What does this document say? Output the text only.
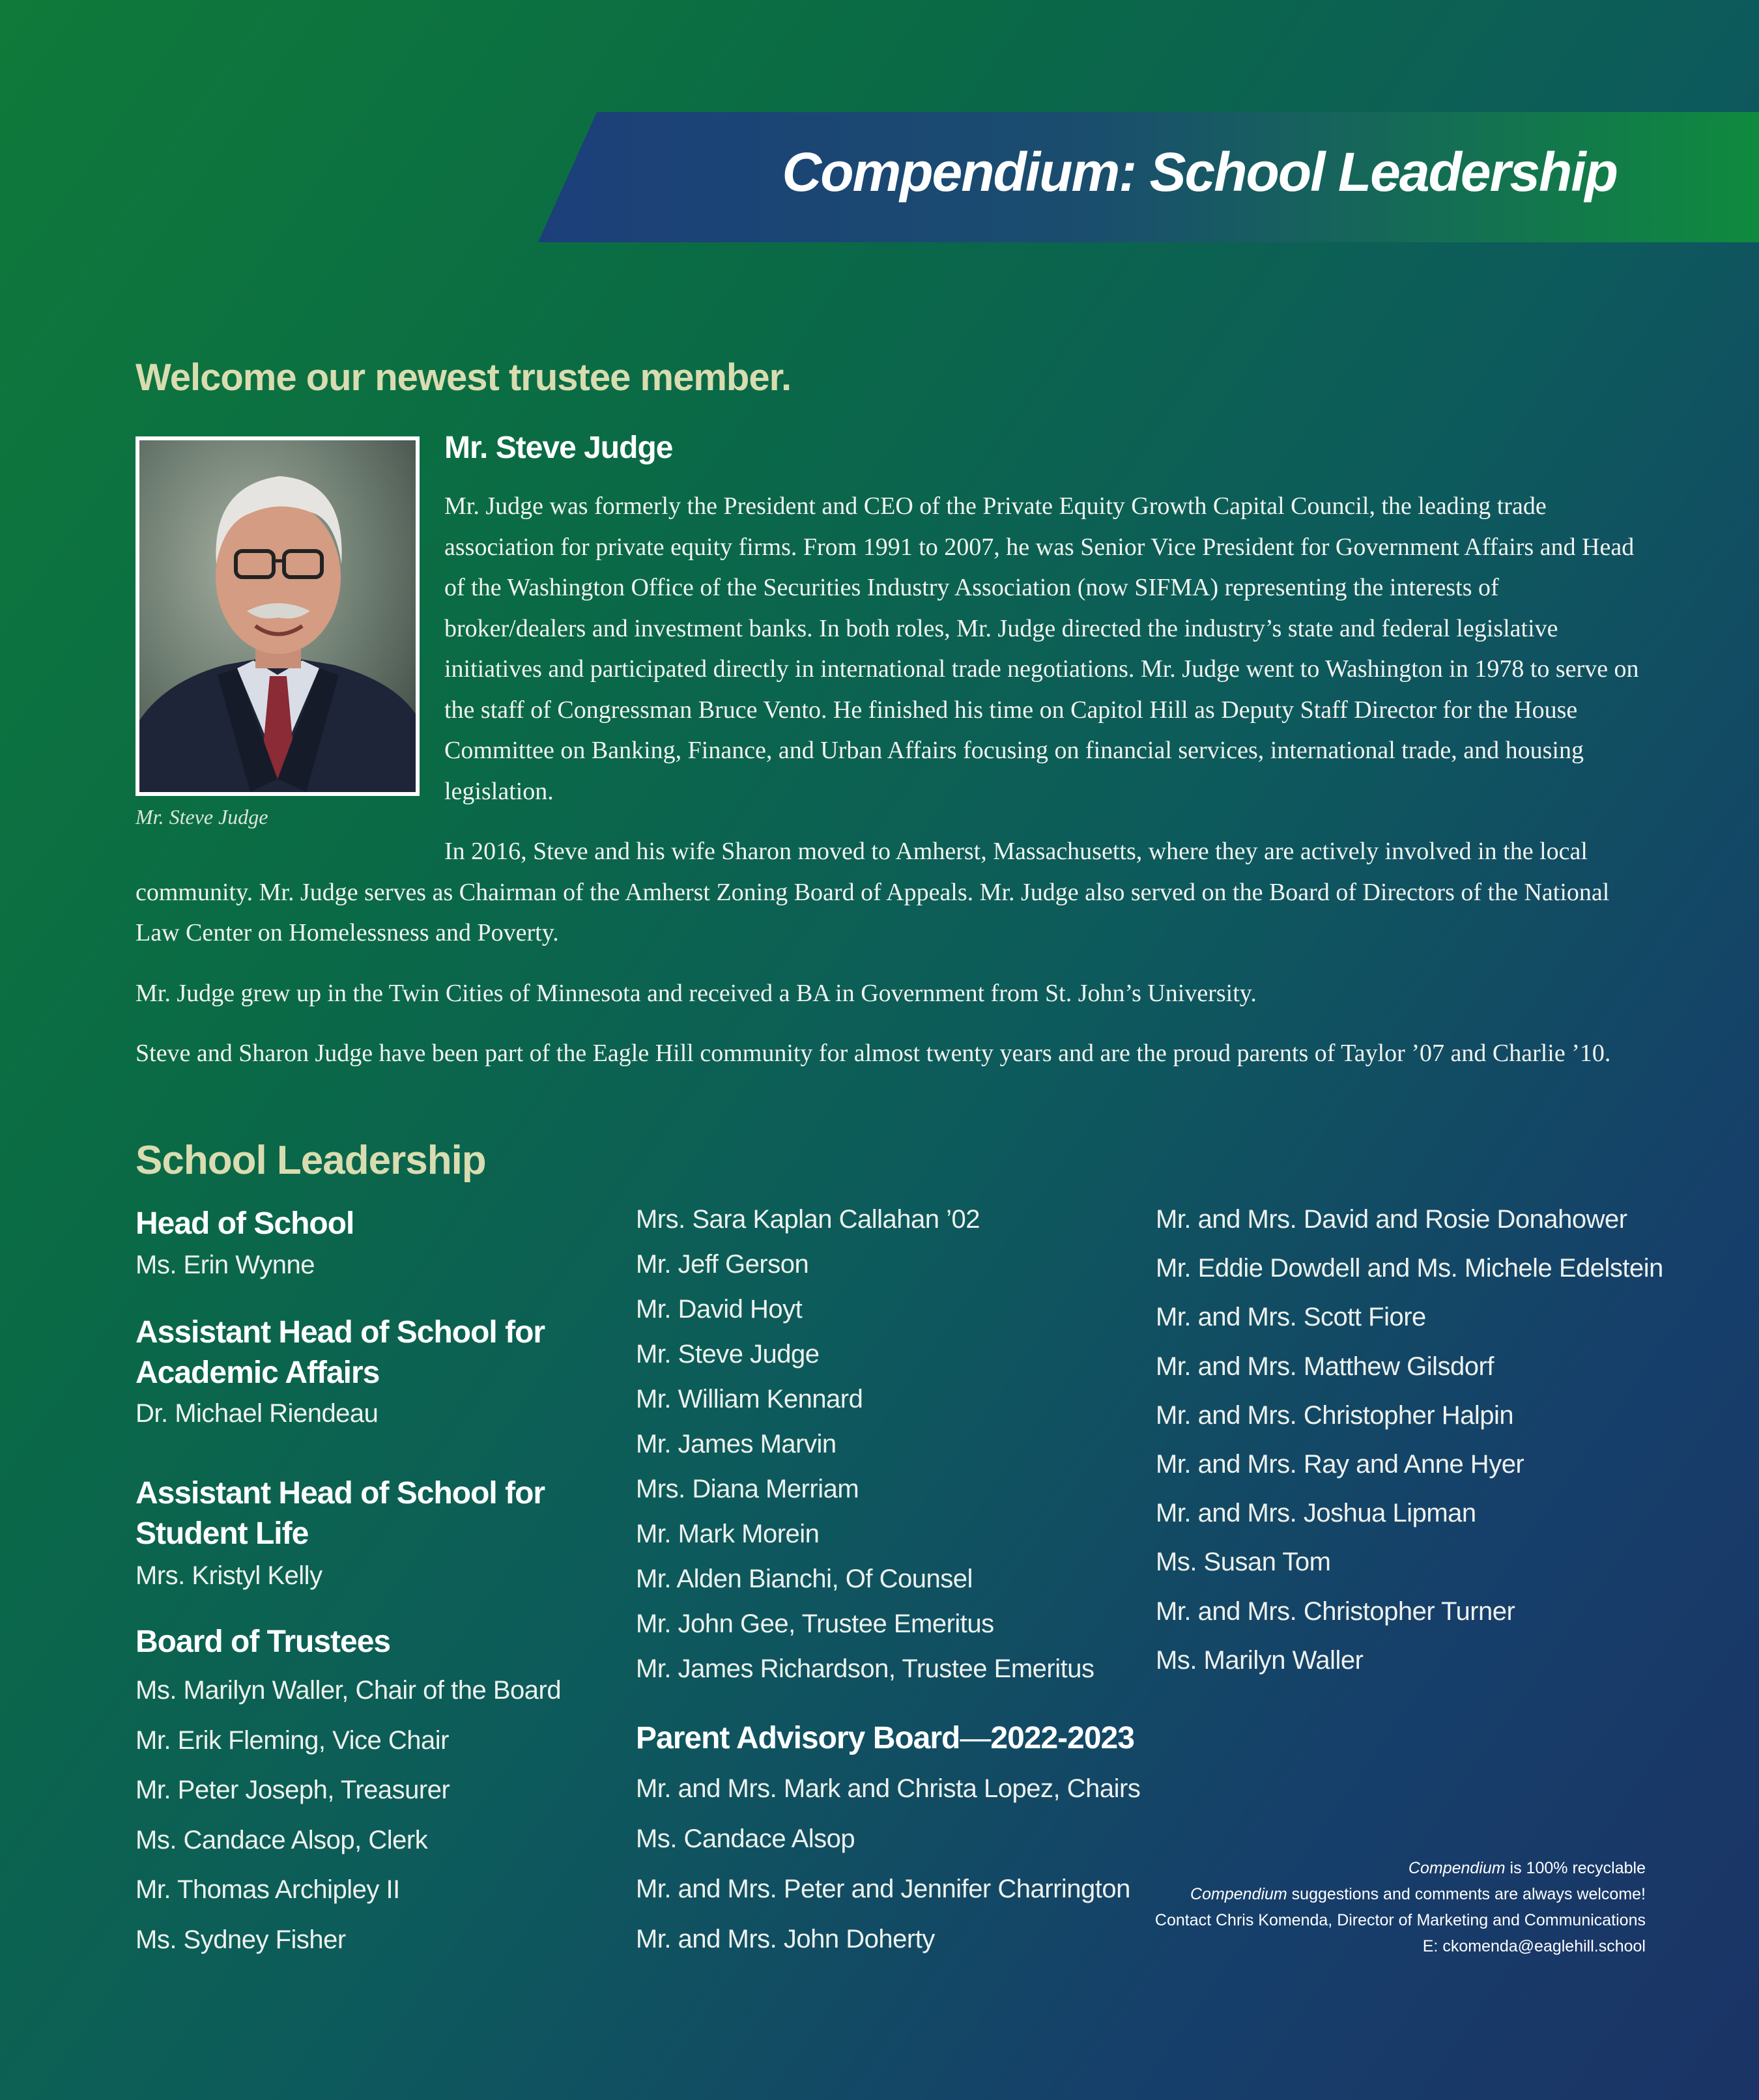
Compendium: School Leadership
Welcome our newest trustee member.
Mr. Steve Judge
Mr. Steve Judge
Mr. Judge was formerly the President and CEO of the Private Equity Growth Capital Council, the leading trade association for private equity firms. From 1991 to 2007, he was Senior Vice President for Government Affairs and Head of the Washington Office of the Securities Industry Association (now SIFMA) representing the interests of broker/dealers and investment banks. In both roles, Mr. Judge directed the industry’s state and federal legislative initiatives and participated directly in international trade negotiations. Mr. Judge went to Washington in 1978 to serve on the staff of Congressman Bruce Vento. He finished his time on Capitol Hill as Deputy Staff Director for the House Committee on Banking, Finance, and Urban Affairs focusing on financial services, international trade, and housing legislation.

In 2016, Steve and his wife Sharon moved to Amherst, Massachusetts, where they are actively involved in the local community. Mr. Judge serves as Chairman of the Amherst Zoning Board of Appeals. Mr. Judge also served on the Board of Directors of the National Law Center on Homelessness and Poverty.

Mr. Judge grew up in the Twin Cities of Minnesota and received a BA in Government from St. John’s University.

Steve and Sharon Judge have been part of the Eagle Hill community for almost twenty years and are the proud parents of Taylor ’07 and Charlie ’10.

School Leadership
Head of School
Ms. Erin Wynne
Assistant Head of School for
Academic Affairs
Dr. Michael Riendeau
Assistant Head of School for
Student Life
Mrs. Kristyl Kelly
Board of Trustees
Ms. Marilyn Waller, Chair of the Board
Mr. Erik Fleming, Vice Chair
Mr. Peter Joseph, Treasurer
Ms. Candace Alsop, Clerk
Mr. Thomas Archipley II
Ms. Sydney Fisher
Mrs. Sara Kaplan Callahan ’02
Mr. Jeff Gerson
Mr. David Hoyt
Mr. Steve Judge
Mr. William Kennard
Mr. James Marvin
Mrs. Diana Merriam
Mr. Mark Morein
Mr. Alden Bianchi, Of Counsel
Mr. John Gee, Trustee Emeritus
Mr. James Richardson, Trustee Emeritus
Parent Advisory Board—2022-2023
Mr. and Mrs. Mark and Christa Lopez, Chairs
Ms. Candace Alsop
Mr. and Mrs. Peter and Jennifer Charrington
Mr. and Mrs. John Doherty
Mr. and Mrs. David and Rosie Donahower
Mr. Eddie Dowdell and Ms. Michele Edelstein
Mr. and Mrs. Scott Fiore
Mr. and Mrs. Matthew Gilsdorf
Mr. and Mrs. Christopher Halpin
Mr. and Mrs. Ray and Anne Hyer
Mr. and Mrs. Joshua Lipman
Ms. Susan Tom
Mr. and Mrs. Christopher Turner
Ms. Marilyn Waller
Compendium is 100% recyclable
Compendium suggestions and comments are always welcome!
Contact Chris Komenda, Director of Marketing and Communications
E: ckomenda@eaglehill.school
